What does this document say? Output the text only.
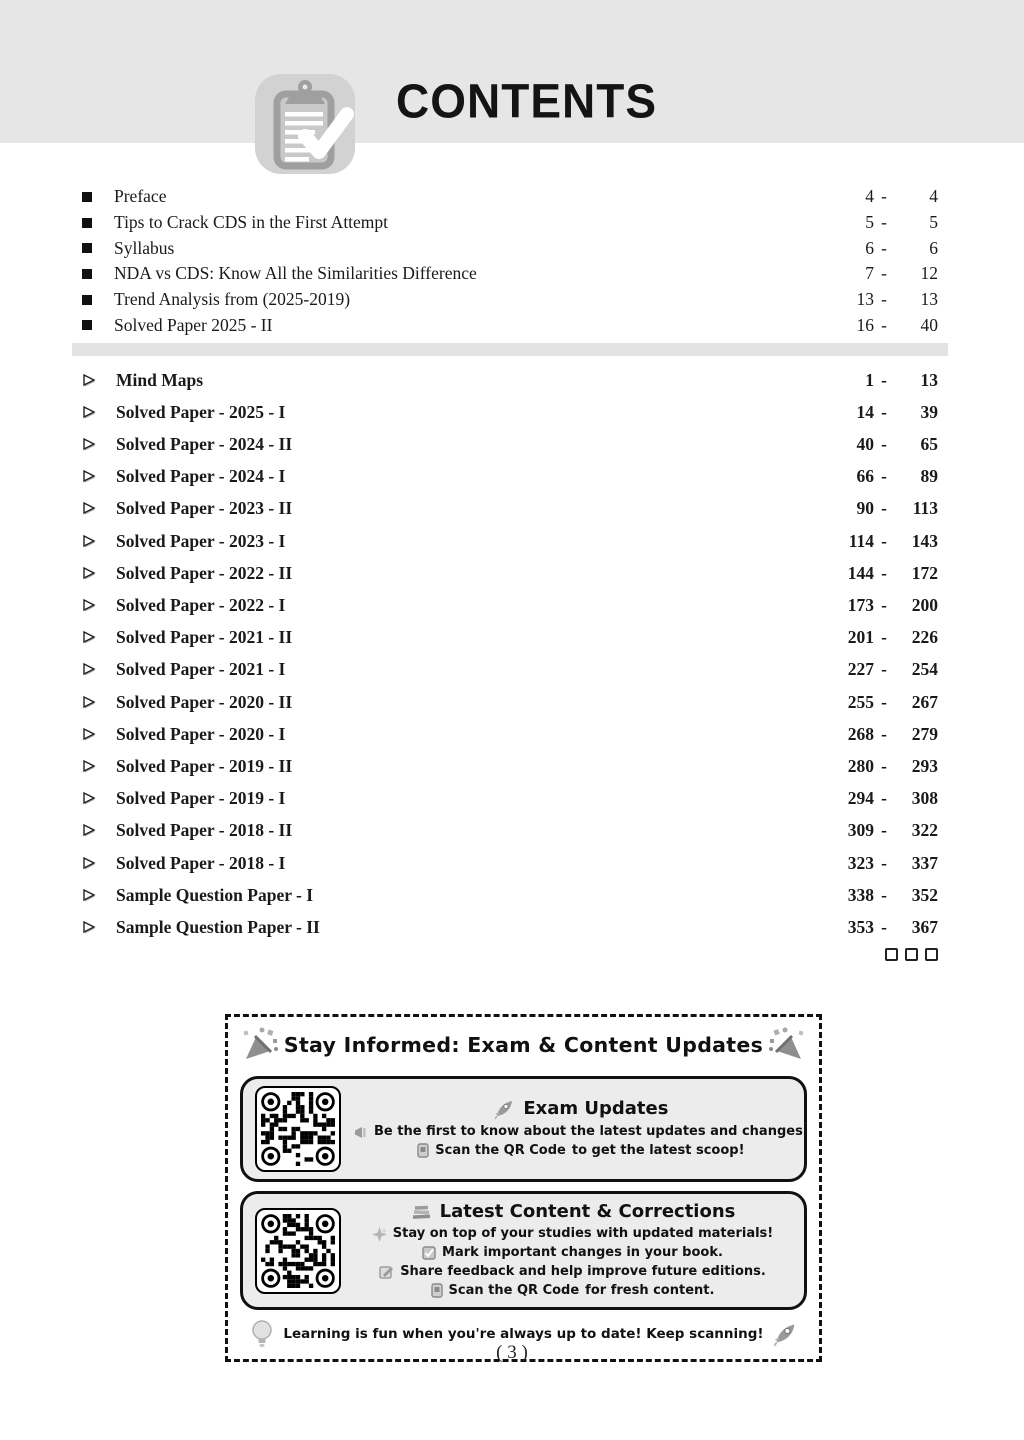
CONTENTS
Preface	4 -	4
Tips to Crack CDS in the First Attempt	5 -	5
Syllabus	6 -	6
NDA vs CDS: Know All the Similarities Difference	7 -	12
Trend Analysis from (2025-2019)	13 -	13
Solved Paper 2025 - II	16 -	40
Mind Maps	1 -	13
Solved Paper - 2025 - I	14 -	39
Solved Paper - 2024 - II	40 -	65
Solved Paper - 2024 - I	66 -	89
Solved Paper - 2023 - II	90 -	113
Solved Paper - 2023 - I	114 -	143
Solved Paper - 2022 - II	144 -	172
Solved Paper - 2022 - I	173 -	200
Solved Paper - 2021 - II	201 -	226
Solved Paper - 2021 - I	227 -	254
Solved Paper - 2020 - II	255 -	267
Solved Paper - 2020 - I	268 -	279
Solved Paper - 2019 - II	280 -	293
Solved Paper - 2019 - I	294 -	308
Solved Paper - 2018 - II	309 -	322
Solved Paper - 2018 - I	323 -	337
Sample Question Paper - I	338 -	352
Sample Question Paper - II	353 -	367
Stay Informed: Exam & Content Updates
Exam Updates
Be the first to know about the latest updates and changes!
Scan the QR Code to get the latest scoop!
Latest Content & Corrections
Stay on top of your studies with updated materials!
Mark important changes in your book.
Share feedback and help improve future editions.
Scan the QR Code for fresh content.
Learning is fun when you're always up to date! Keep scanning!
( 3 )
